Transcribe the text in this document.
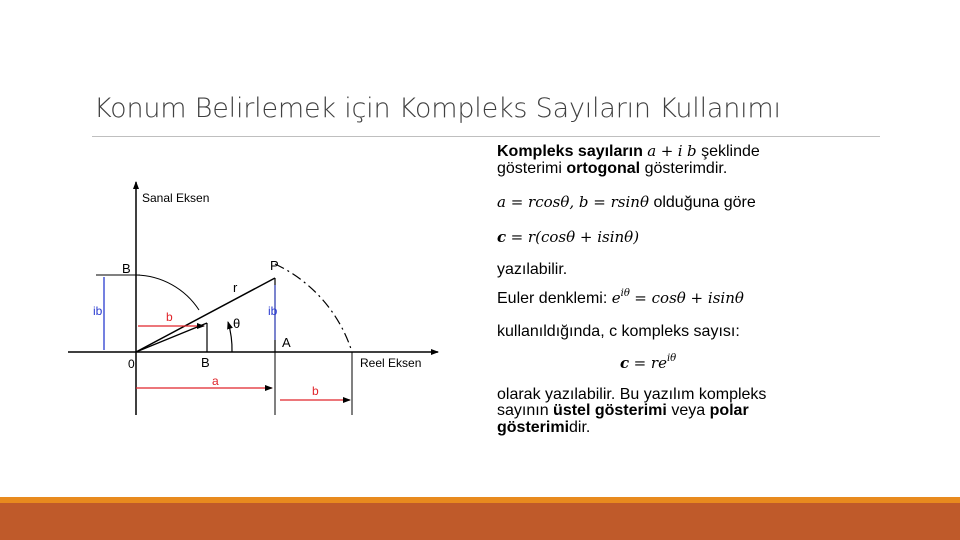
Konum Belirlemek için Kompleks Sayıların Kullanımı
Sanal Eksen
Reel Eksen
0
B
B
P
A
r
θ
ib	ib
b
a
b
Kompleks sayıların a + i b şeklinde
gösterimi ortogonal gösterimdir.
a = rcosθ, b = rsinθ olduğuna göre
c = r(cosθ + isinθ)
yazılabilir.
Euler denklemi: $e^{i\theta} = \cos\theta + isin\theta$
kullanıldığında, c kompleks sayısı:
$c = re^{i\theta}$
olarak yazılabilir. Bu yazılım kompleks
sayının üstel gösterimi veya polar
gösterimidir.
